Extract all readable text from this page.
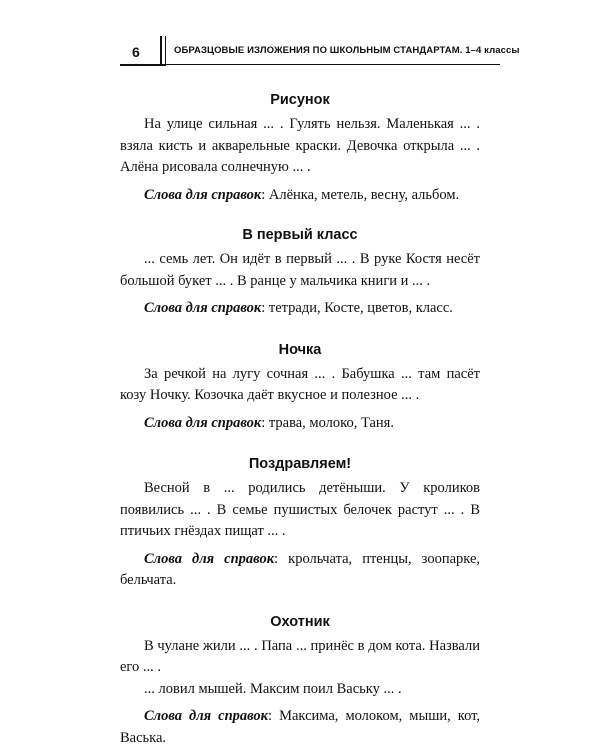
6	ОБРАЗЦОВЫЕ ИЗЛОЖЕНИЯ ПО ШКОЛЬНЫМ СТАНДАРТАМ. 1–4 классы
Рисунок

На улице сильная ... . Гулять нельзя. Маленькая ... . взяла кисть и акварельные краски. Девочка открыла ... . Алёна рисовала солнечную ... .

Слова для справок: Алёнка, метель, весну, альбом.

В первый класс

... семь лет. Он идёт в первый ... . В руке Костя несёт большой букет ... . В ранце у мальчика книги и ... .

Слова для справок: тетради, Косте, цветов, класс.

Ночка

За речкой на лугу сочная ... . Бабушка ... там пасёт козу Ночку. Козочка даёт вкусное и полезное ... .

Слова для справок: трава, молоко, Таня.

Поздравляем!

Весной в ... родились детёныши. У кроликов появились ... . В семье пушистых белочек растут ... . В птичьих гнёздах пищат ... .

Слова для справок: крольчата, птенцы, зоопарке, бельчата.

Охотник

В чулане жили ... . Папа ... принёс в дом кота. Назвали его ... .

... ловил мышей. Максим поил Ваську ... .

Слова для справок: Максима, молоком, мыши, кот, Васька.
